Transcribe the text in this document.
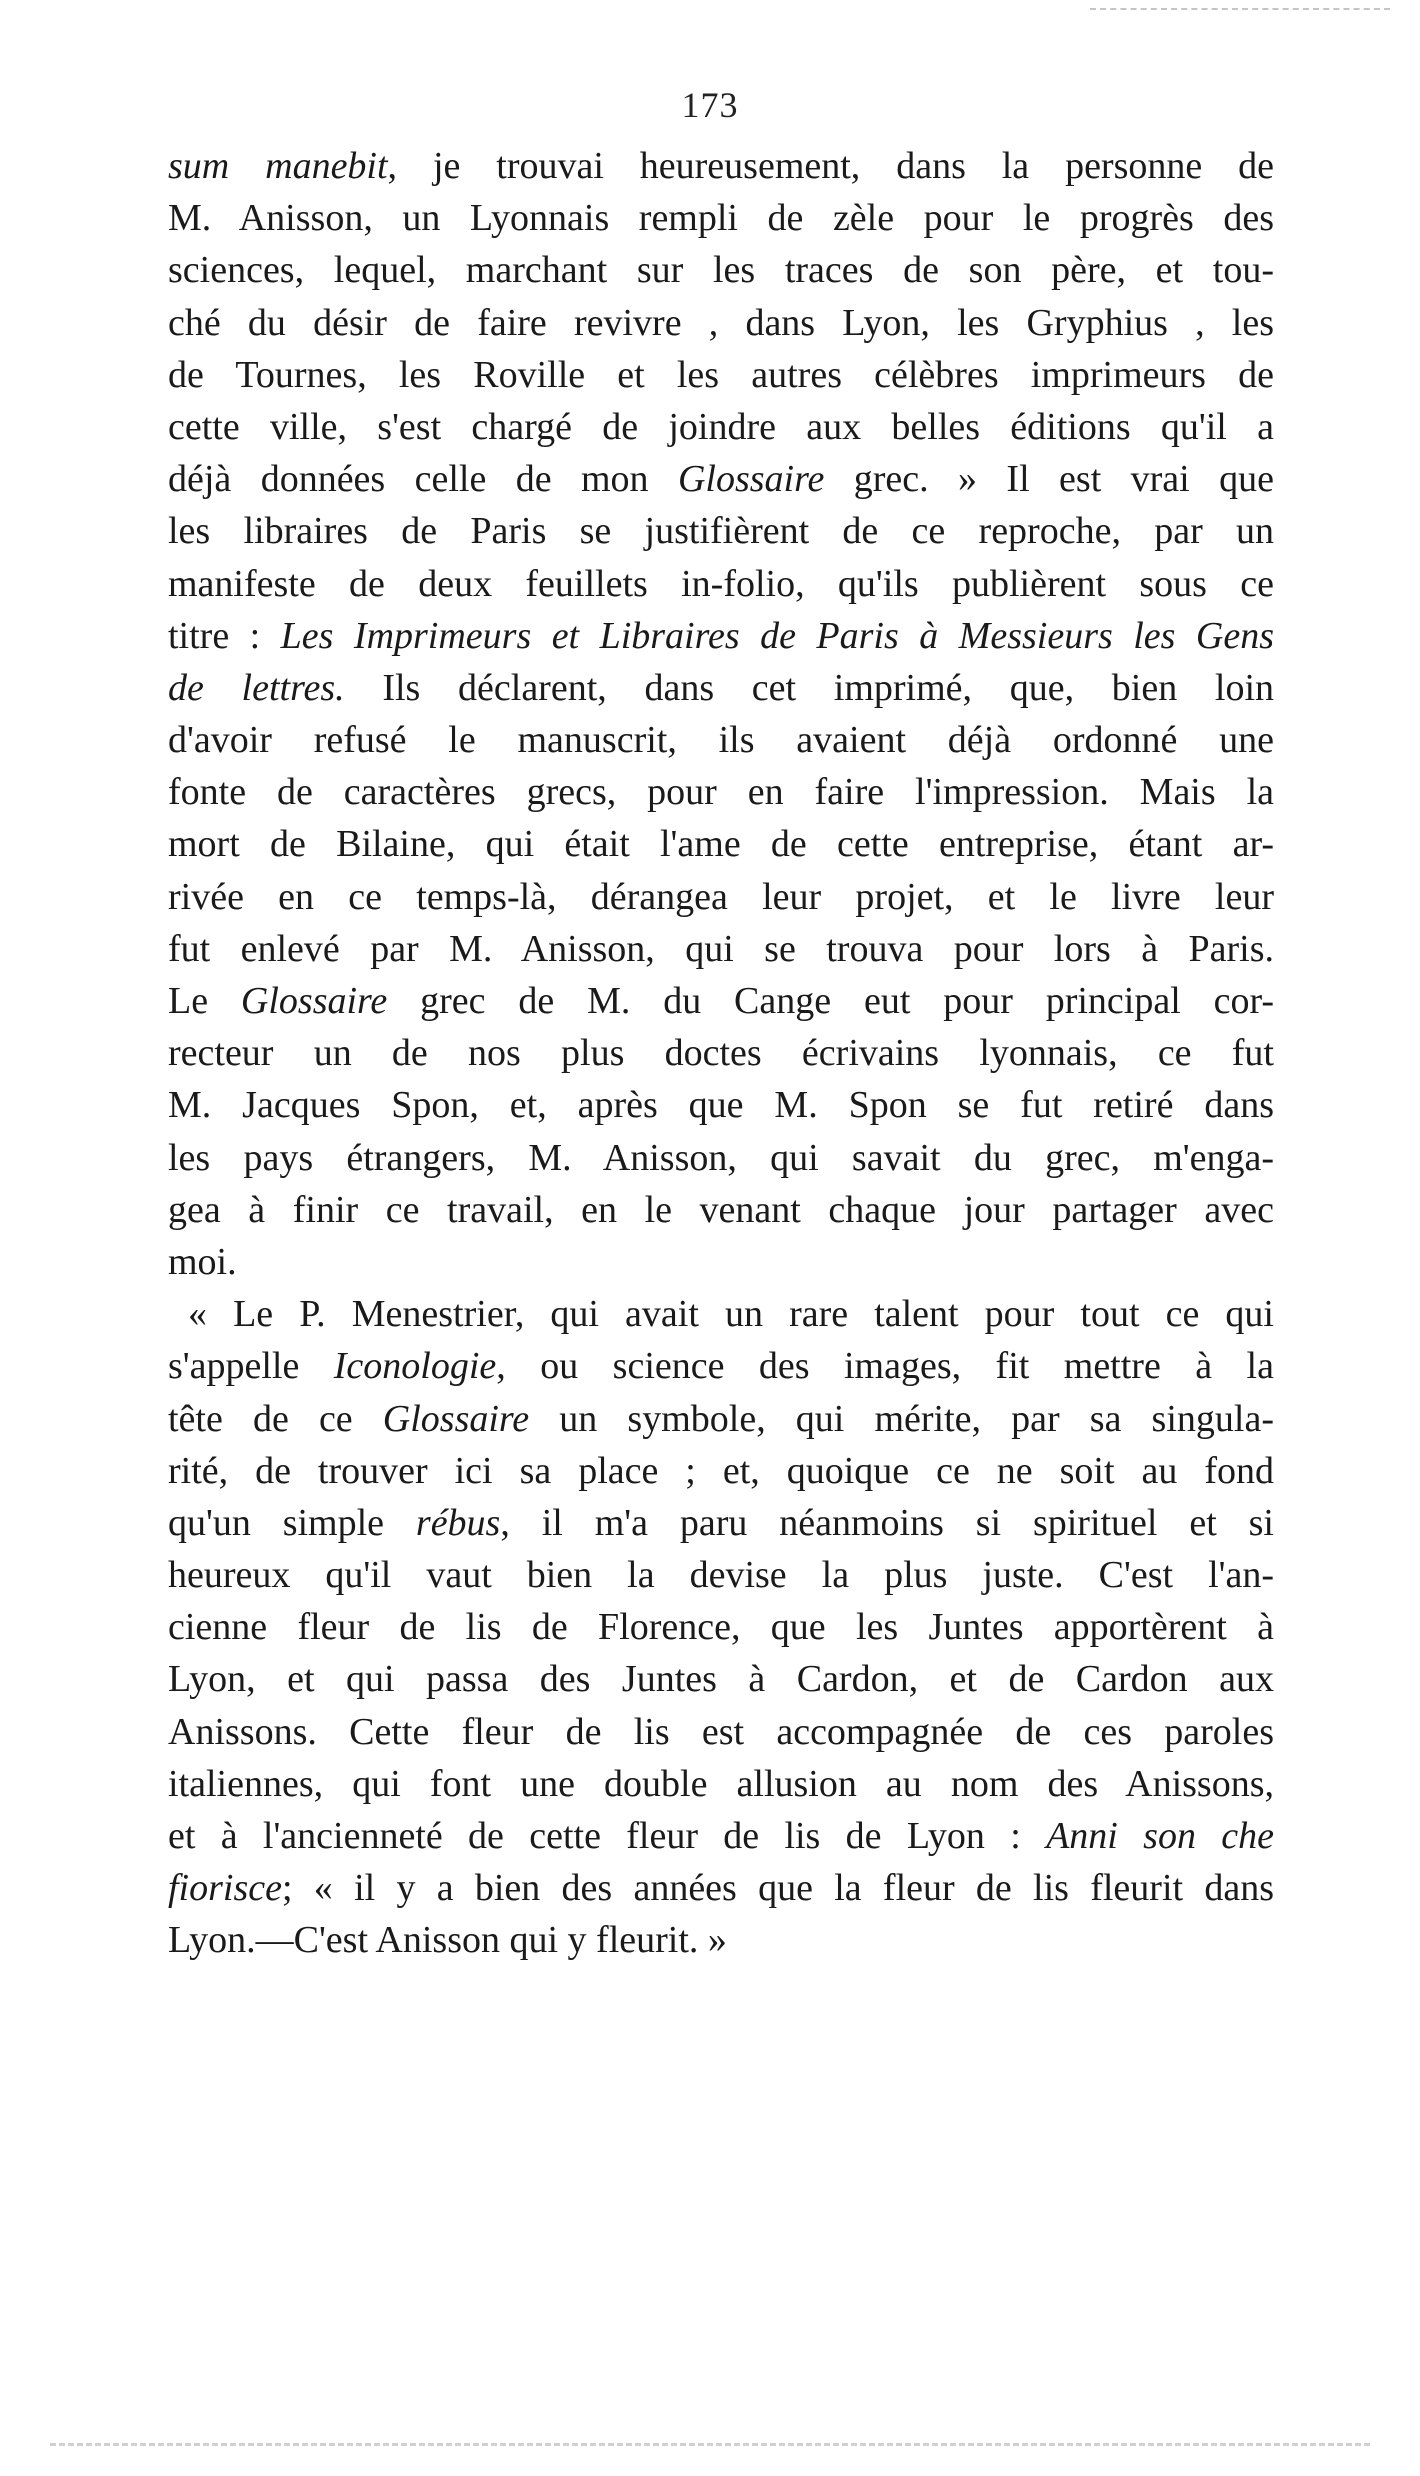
173
sum manebit, je trouvai heureusement, dans la personne de
M. Anisson, un Lyonnais rempli de zèle pour le progrès des
sciences, lequel, marchant sur les traces de son père, et tou-
ché du désir de faire revivre , dans Lyon, les Gryphius , les
de Tournes, les Roville et les autres célèbres imprimeurs de
cette ville, s'est chargé de joindre aux belles éditions qu'il a
déjà données celle de mon Glossaire grec. » Il est vrai que
les libraires de Paris se justifièrent de ce reproche, par un
manifeste de deux feuillets in-folio, qu'ils publièrent sous ce
titre : Les Imprimeurs et Libraires de Paris à Messieurs les Gens
de lettres. Ils déclarent, dans cet imprimé, que, bien loin
d'avoir refusé le manuscrit, ils avaient déjà ordonné une
fonte de caractères grecs, pour en faire l'impression. Mais la
mort de Bilaine, qui était l'ame de cette entreprise, étant ar-
rivée en ce temps-là, dérangea leur projet, et le livre leur
fut enlevé par M. Anisson, qui se trouva pour lors à Paris.
Le Glossaire grec de M. du Cange eut pour principal cor-
recteur un de nos plus doctes écrivains lyonnais, ce fut
M. Jacques Spon, et, après que M. Spon se fut retiré dans
les pays étrangers, M. Anisson, qui savait du grec, m'enga-
gea à finir ce travail, en le venant chaque jour partager avec
moi.
« Le P. Menestrier, qui avait un rare talent pour tout ce qui
s'appelle Iconologie, ou science des images, fit mettre à la
tête de ce Glossaire un symbole, qui mérite, par sa singula-
rité, de trouver ici sa place ; et, quoique ce ne soit au fond
qu'un simple rébus, il m'a paru néanmoins si spirituel et si
heureux qu'il vaut bien la devise la plus juste. C'est l'an-
cienne fleur de lis de Florence, que les Juntes apportèrent à
Lyon, et qui passa des Juntes à Cardon, et de Cardon aux
Anissons. Cette fleur de lis est accompagnée de ces paroles
italiennes, qui font une double allusion au nom des Anissons,
et à l'ancienneté de cette fleur de lis de Lyon : Anni son che
fiorisce; « il y a bien des années que la fleur de lis fleurit dans
Lyon.—C'est Anisson qui y fleurit. »
